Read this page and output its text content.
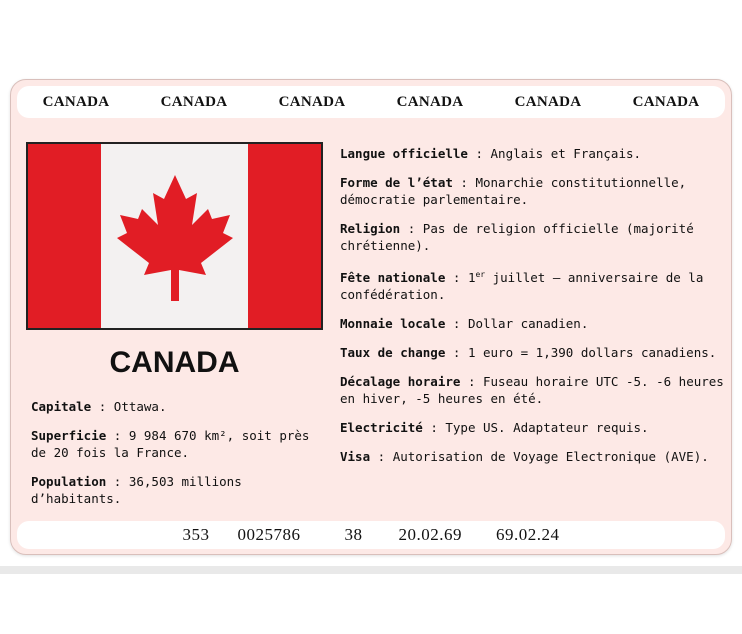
CANADA	CANADA	CANADA	CANADA	CANADA	CANADA
CANADA

Capitale : Ottawa.

Superficie : 9 984 670 km², soit près de 20 fois la France.

Population : 36,503 millions d’habitants.

Langue officielle : Anglais et Français.

Forme de l’état : Monarchie constitutionnelle, démocratie parlementaire.

Religion : Pas de religion officielle (majorité chrétienne).

Fête nationale : 1er juillet – anniversaire de la confédération.

Monnaie locale : Dollar canadien.

Taux de change : 1 euro = 1,390 dollars canadiens.

Décalage horaire : Fuseau horaire UTC -5. -6 heures en hiver, -5 heures en été.

Electricité : Type US. Adaptateur requis.

Visa : Autorisation de Voyage Electronique (AVE).

353 0025786	38 20.02.69 69.02.24
